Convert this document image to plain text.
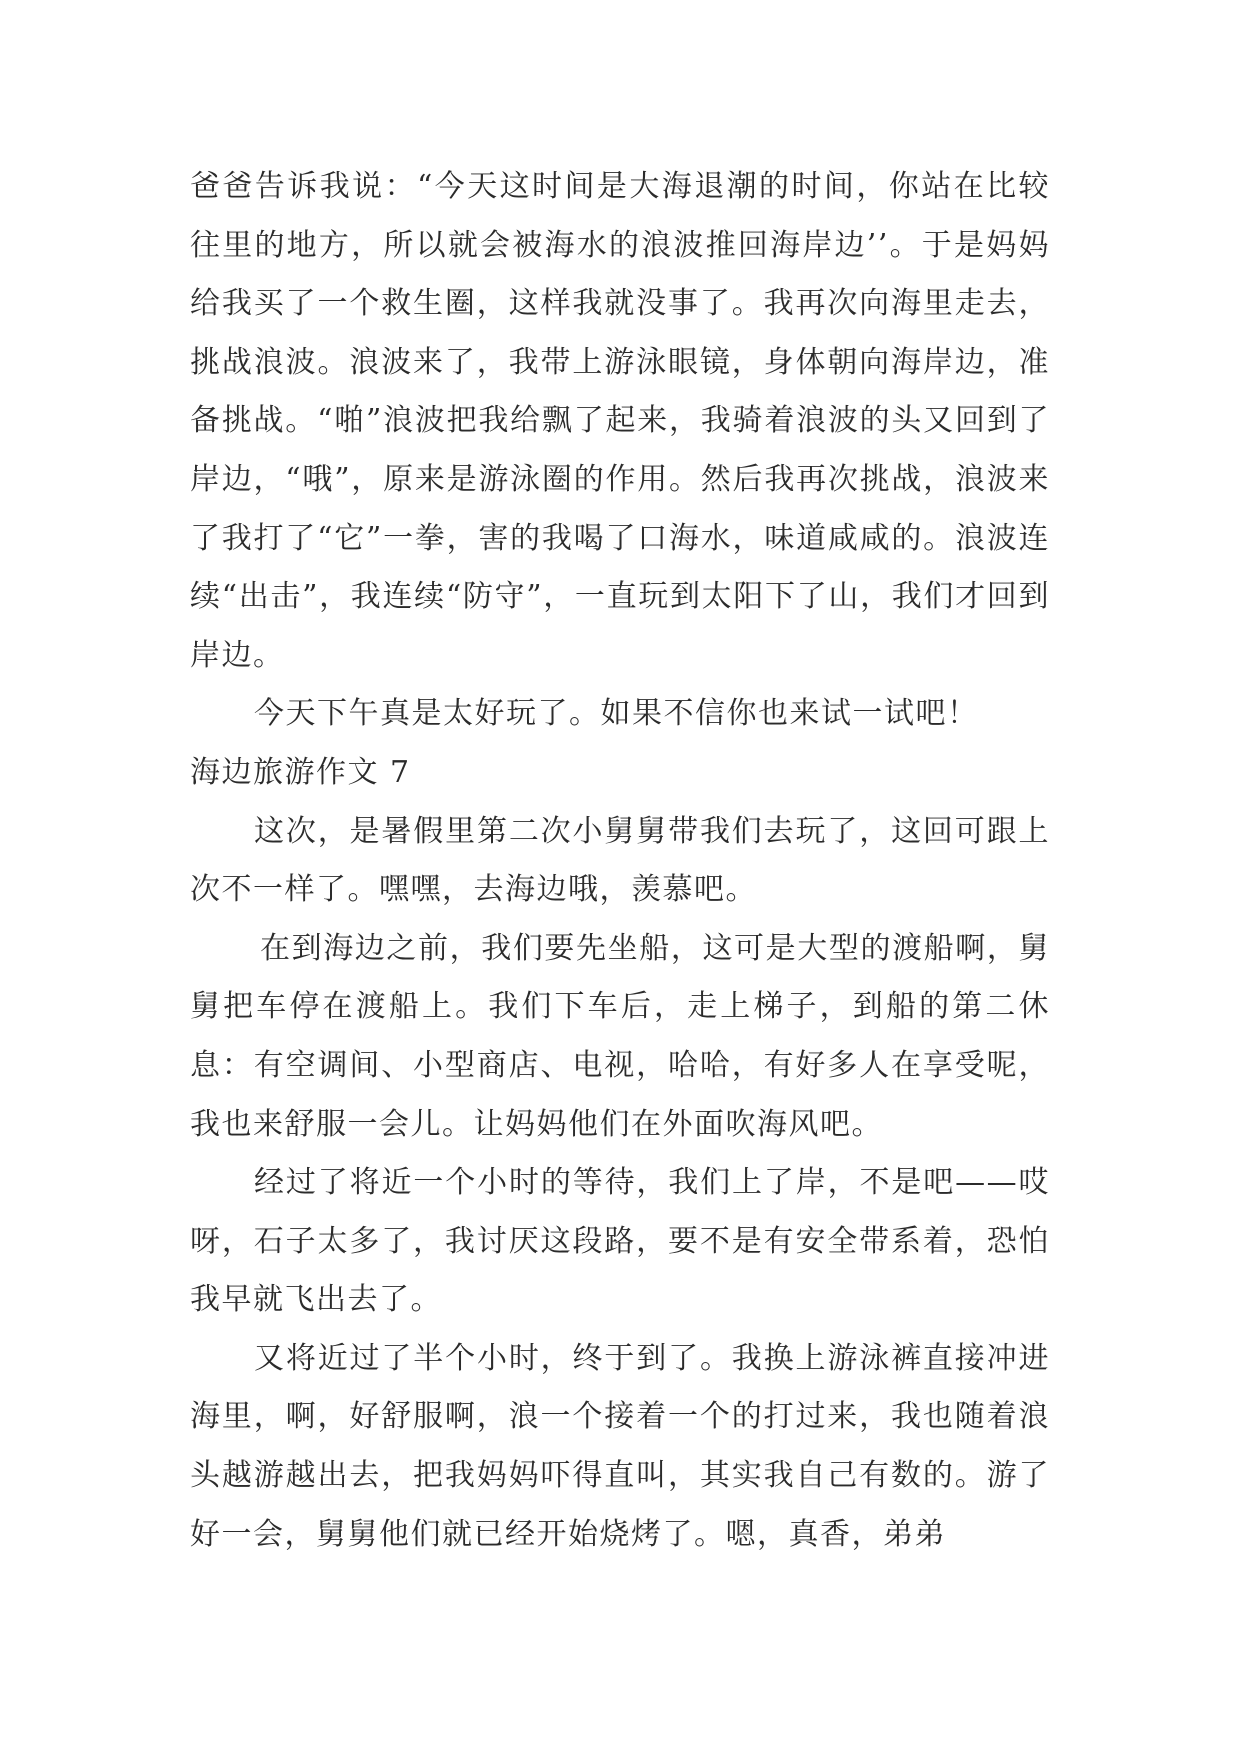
爸爸告诉我说：“今天这时间是大海退潮的时间，你站在比较往里的地方，所以就会被海水的浪波推回海岸边’’。于是妈妈给我买了一个救生圈，这样我就没事了。我再次向海里走去，挑战浪波。浪波来了，我带上游泳眼镜，身体朝向海岸边，准备挑战。“啪”浪波把我给飘了起来，我骑着浪波的头又回到了岸边，“哦”，原来是游泳圈的作用。然后我再次挑战，浪波来了我打了“它”一拳，害的我喝了口海水，味道咸咸的。浪波连续“出击”，我连续“防守”，一直玩到太阳下了山，我们才回到岸边。

今天下午真是太好玩了。如果不信你也来试一试吧！

海边旅游作文 7

这次，是暑假里第二次小舅舅带我们去玩了，这回可跟上次不一样了。嘿嘿，去海边哦，羡慕吧。

在到海边之前，我们要先坐船，这可是大型的渡船啊，舅舅把车停在渡船上。我们下车后，走上梯子，到船的第二休息：有空调间、小型商店、电视，哈哈，有好多人在享受呢，我也来舒服一会儿。让妈妈他们在外面吹海风吧。

经过了将近一个小时的等待，我们上了岸，不是吧——哎呀，石子太多了，我讨厌这段路，要不是有安全带系着，恐怕我早就飞出去了。

又将近过了半个小时，终于到了。我换上游泳裤直接冲进海里，啊，好舒服啊，浪一个接着一个的打过来，我也随着浪头越游越出去，把我妈妈吓得直叫，其实我自己有数的。游了好一会，舅舅他们就已经开始烧烤了。嗯，真香，弟弟
